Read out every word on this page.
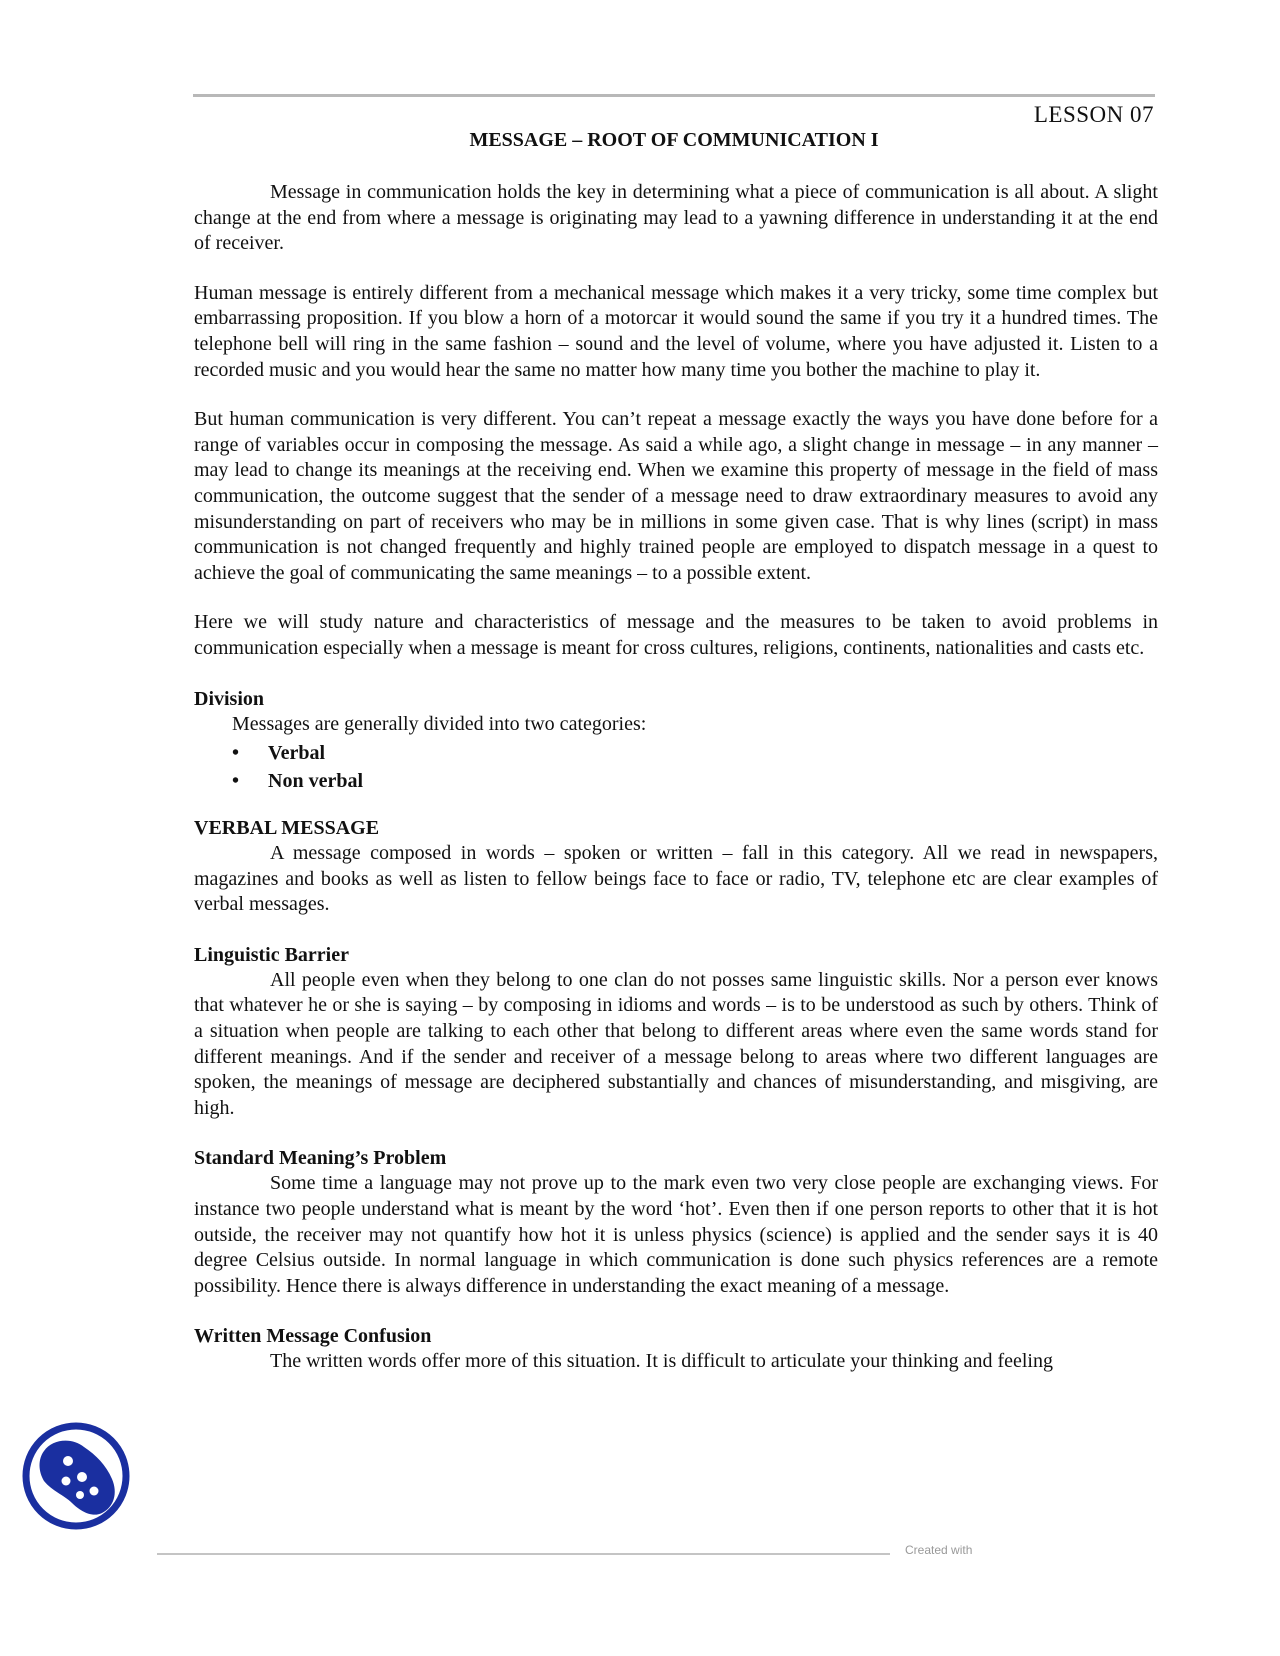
LESSON 07
MESSAGE – ROOT OF COMMUNICATION I

Message in communication holds the key in determining what a piece of communication is all about. A slight change at the end from where a message is originating may lead to a yawning difference in understanding it at the end of receiver.

Human message is entirely different from a mechanical message which makes it a very tricky, some time complex but embarrassing proposition. If you blow a horn of a motorcar it would sound the same if you try it a hundred times. The telephone bell will ring in the same fashion – sound and the level of volume, where you have adjusted it. Listen to a recorded music and you would hear the same no matter how many time you bother the machine to play it.

But human communication is very different. You can’t repeat a message exactly the ways you have done before for a range of variables occur in composing the message. As said a while ago, a slight change in message – in any manner – may lead to change its meanings at the receiving end. When we examine this property of message in the field of mass communication, the outcome suggest that the sender of a message need to draw extraordinary measures to avoid any misunderstanding on part of receivers who may be in millions in some given case. That is why lines (script) in mass communication is not changed frequently and highly trained people are employed to dispatch message in a quest to achieve the goal of communicating the same meanings – to a possible extent.

Here we will study nature and characteristics of message and the measures to be taken to avoid problems in communication especially when a message is meant for cross cultures, religions, continents, nationalities and casts etc.

Division
Messages are generally divided into two categories:
• Verbal
• Non verbal
VERBAL MESSAGE

A message composed in words – spoken or written – fall in this category. All we read in newspapers, magazines and books as well as listen to fellow beings face to face or radio, TV, telephone etc are clear examples of verbal messages.

Linguistic Barrier

All people even when they belong to one clan do not posses same linguistic skills. Nor a person ever knows that whatever he or she is saying – by composing in idioms and words – is to be understood as such by others. Think of a situation when people are talking to each other that belong to different areas where even the same words stand for different meanings. And if the sender and receiver of a message belong to areas where two different languages are spoken, the meanings of message are deciphered substantially and chances of misunderstanding, and misgiving, are high.

Standard Meaning’s Problem

Some time a language may not prove up to the mark even two very close people are exchanging views. For instance two people understand what is meant by the word ‘hot’. Even then if one person reports to other that it is hot outside, the receiver may not quantify how hot it is unless physics (science) is applied and the sender says it is 40 degree Celsius outside. In normal language in which communication is done such physics references are a remote possibility. Hence there is always difference in understanding the exact meaning of a message.

Written Message Confusion

The written words offer more of this situation. It is difficult to articulate your thinking and feeling

Created with
